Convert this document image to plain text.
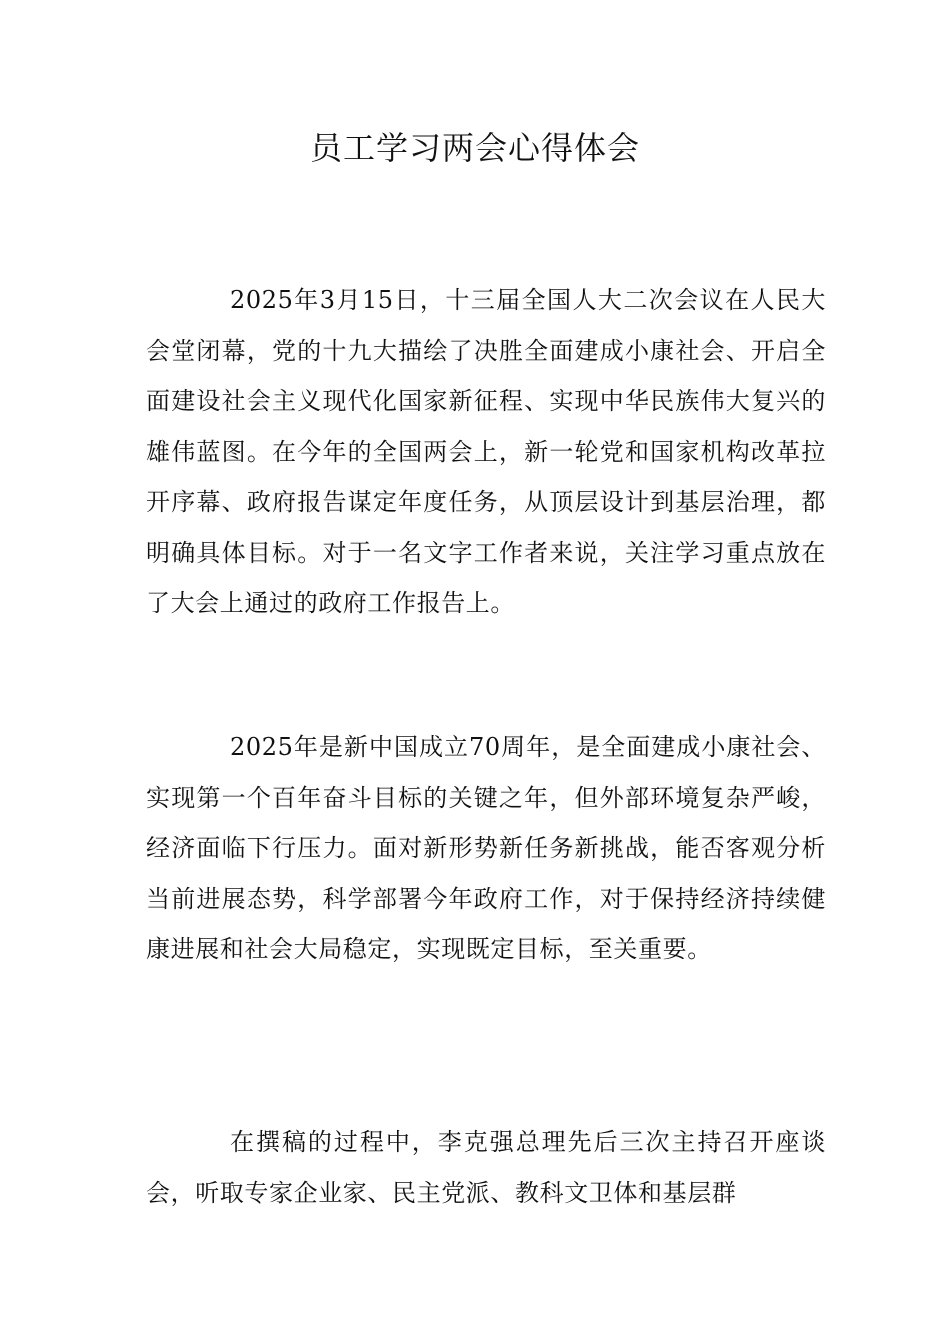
员工学习两会心得体会

2025年3月15日，十三届全国人大二次会议在人民大会堂闭幕，党的十九大描绘了决胜全面建成小康社会、开启全面建设社会主义现代化国家新征程、实现中华民族伟大复兴的雄伟蓝图。在今年的全国两会上，新一轮党和国家机构改革拉开序幕、政府报告谋定年度任务，从顶层设计到基层治理，都明确具体目标。对于一名文字工作者来说，关注学习重点放在了大会上通过的政府工作报告上。

2025年是新中国成立70周年，是全面建成小康社会、实现第一个百年奋斗目标的关键之年，但外部环境复杂严峻，经济面临下行压力。面对新形势新任务新挑战，能否客观分析当前进展态势，科学部署今年政府工作，对于保持经济持续健康进展和社会大局稳定，实现既定目标，至关重要。

在撰稿的过程中，李克强总理先后三次主持召开座谈会，听取专家企业家、民主党派、教科文卫体和基层群
